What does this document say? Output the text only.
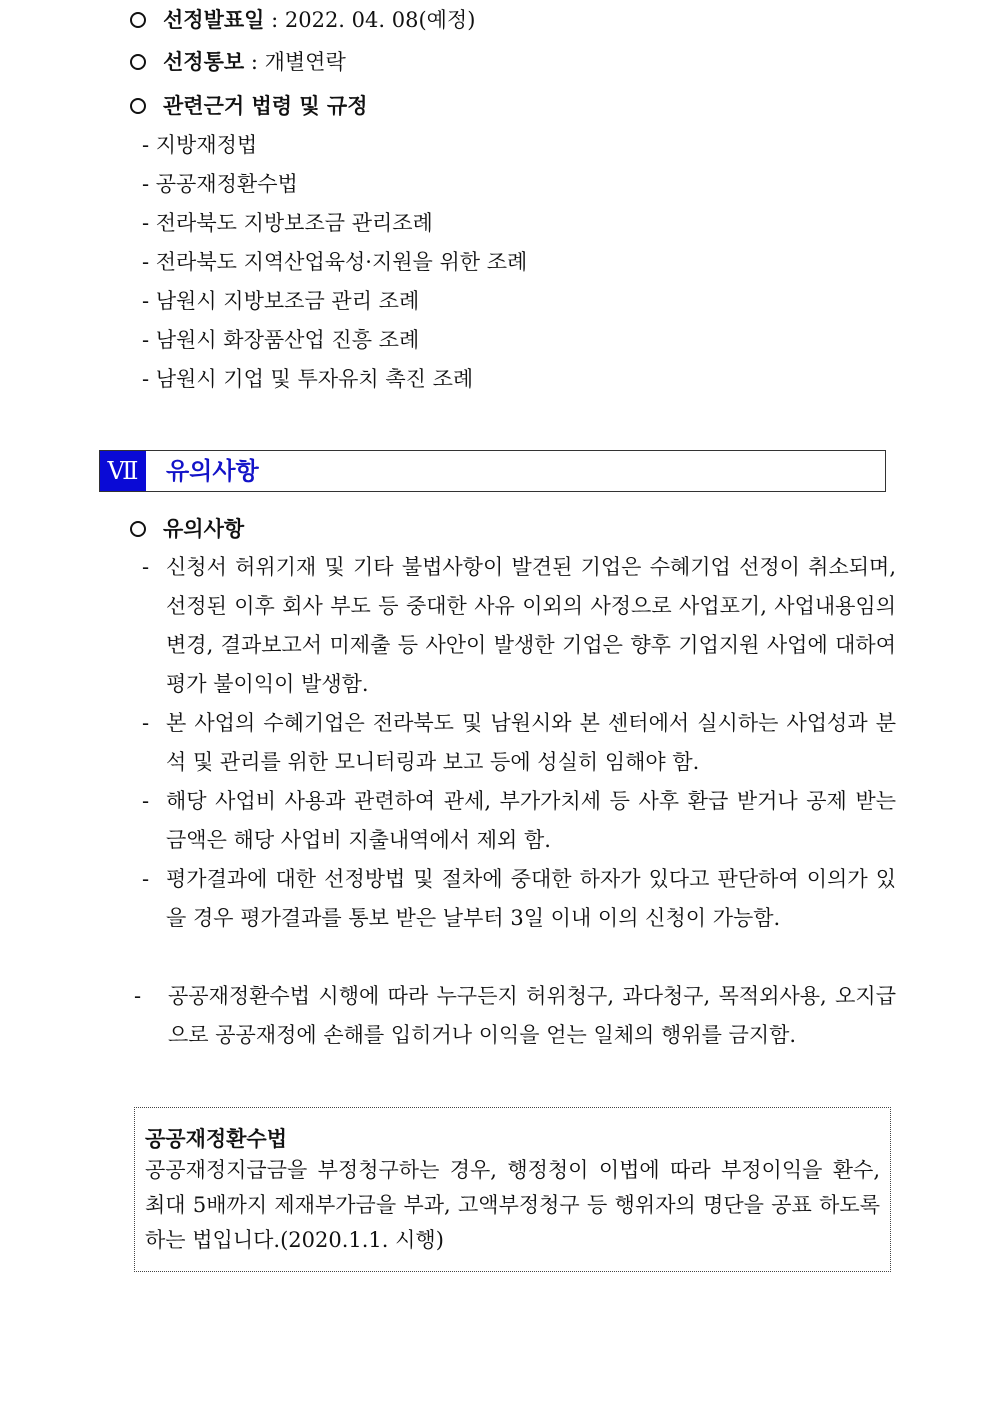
선정발표일 : 2022. 04. 08(예정)
선정통보 : 개별연락
관련근거 법령 및 규정
- 지방재정법
- 공공재정환수법
- 전라북도 지방보조금 관리조례
- 전라북도 지역산업육성·지원을 위한 조례
- 남원시 지방보조금 관리 조례
- 남원시 화장품산업 진흥 조례
- 남원시 기업 및 투자유치 촉진 조례
Ⅶ	유의사항
유의사항
- 신청서 허위기재 및 기타 불법사항이 발견된 기업은 수혜기업 선정이 취소되며, 선정된 이후 회사 부도 등 중대한 사유 이외의 사정으로 사업포기, 사업내용임의변경, 결과보고서 미제출 등 사안이 발생한 기업은 향후 기업지원 사업에 대하여 평가 불이익이 발생함.
- 본 사업의 수혜기업은 전라북도 및 남원시와 본 센터에서 실시하는 사업성과 분석 및 관리를 위한 모니터링과 보고 등에 성실히 임해야 함.
- 해당 사업비 사용과 관련하여 관세, 부가가치세 등 사후 환급 받거나 공제 받는 금액은 해당 사업비 지출내역에서 제외 함.
- 평가결과에 대한 선정방법 및 절차에 중대한 하자가 있다고 판단하여 이의가 있을 경우 평가결과를 통보 받은 날부터 3일 이내 이의 신청이 가능함.
- 공공재정환수법 시행에 따라 누구든지 허위청구, 과다청구, 목적외사용, 오지급으로 공공재정에 손해를 입히거나 이익을 얻는 일체의 행위를 금지함.
공공재정환수법
공공재정지급금을 부정청구하는 경우, 행정청이 이법에 따라 부정이익을 환수, 최대 5배까지 제재부가금을 부과, 고액부정청구 등 행위자의 명단을 공표 하도록 하는 법입니다.(2020.1.1. 시행)
